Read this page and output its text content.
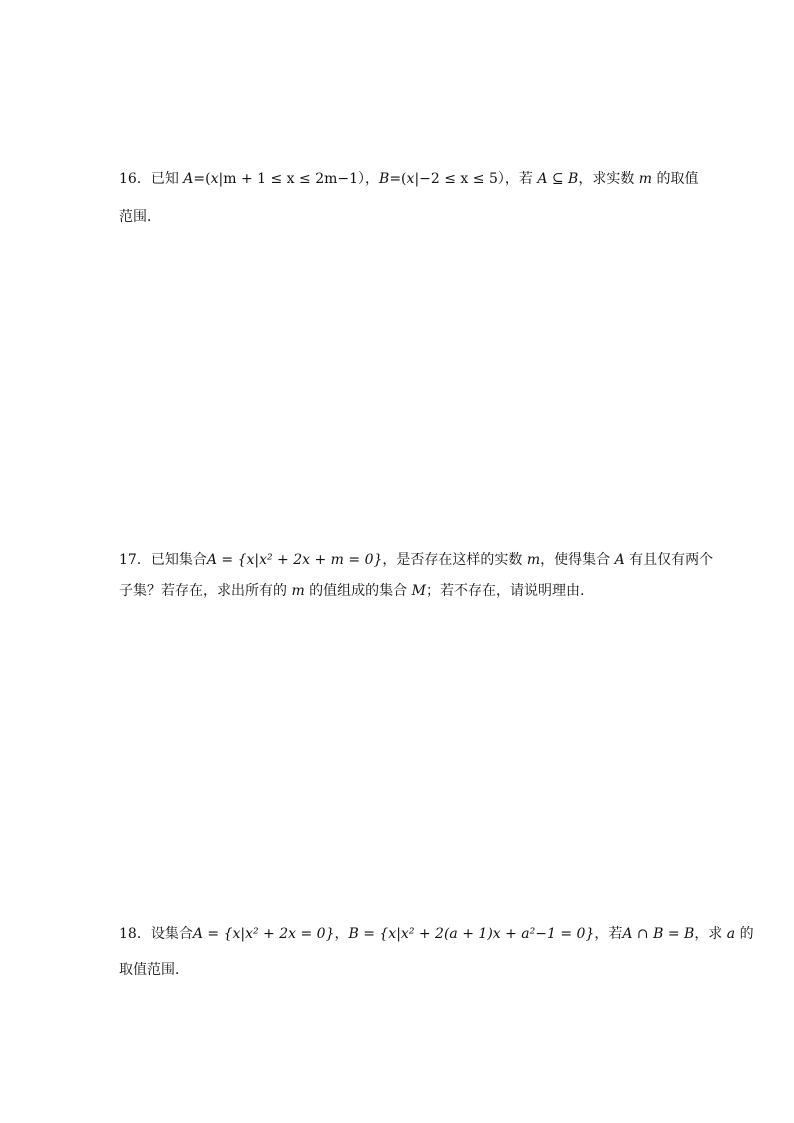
16．已知 A=(x|m + 1 ≤ x ≤ 2m−1），B=(x|−2 ≤ x ≤ 5），若 A ⊆ B，求实数 m 的取值
范围．
17．已知集合A = {x|x² + 2x + m = 0}，是否存在这样的实数 m，使得集合 A 有且仅有两个
子集？若存在，求出所有的 m 的值组成的集合 M；若不存在，请说明理由.
18．设集合A = {x|x² + 2x = 0}，B = {x|x² + 2(a + 1)x + a²−1 = 0}，若A ∩ B = B，求 a 的
取值范围．
